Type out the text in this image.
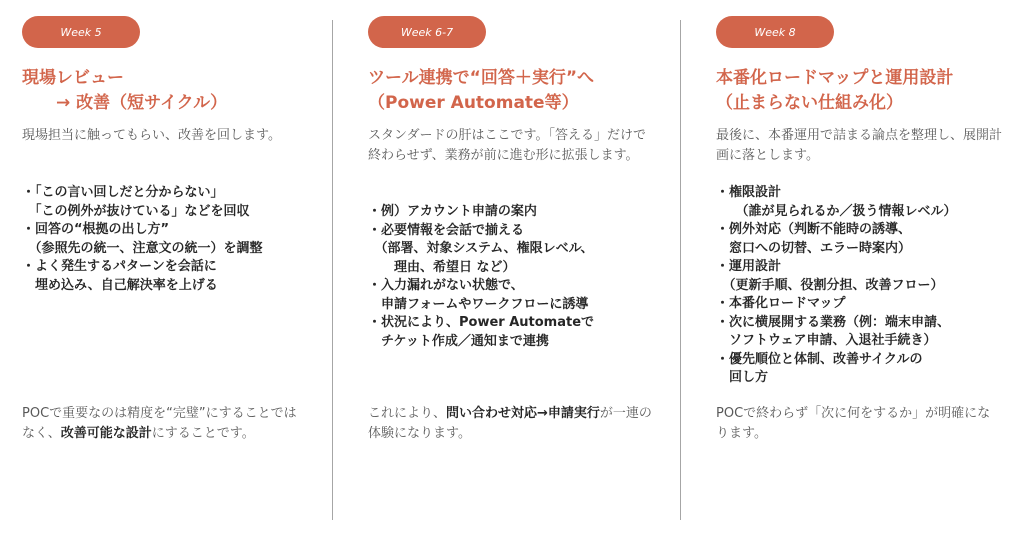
Week 5
現場レビュー
　　→ 改善（短サイクル）

現場担当に触ってもらい、改善を回します。

・「この言い回しだと分からない」
　「この例外が抜けている」などを回収
・回答の“根拠の出し方”
　（参照先の統一、注意文の統一）を調整
・よく発生するパターンを会話に
　埋め込み、自己解決率を上げる

POCで重要なのは精度を“完璧”にすることではなく、改善可能な設計にすることです。

Week 6-7
ツール連携で“回答＋実行”へ
（Power Automate等）

スタンダードの肝はここです。「答える」だけで終わらせず、業務が前に進む形に拡張します。

・例）アカウント申請の案内
・必要情報を会話で揃える
　（部署、対象システム、権限レベル、
　　理由、希望日 など）
・入力漏れがない状態で、
　申請フォームやワークフローに誘導
・状況により、Power Automateで
　チケット作成／通知まで連携

これにより、問い合わせ対応→申請実行が一連の体験になります。

Week 8
本番化ロードマップと運用設計
（止まらない仕組み化）

最後に、本番運用で詰まる論点を整理し、展開計画に落とします。

・権限設計
　　（誰が見られるか／扱う情報レベル）
・例外対応（判断不能時の誘導、
　窓口への切替、エラー時案内）
・運用設計
　（更新手順、役割分担、改善フロー）
・本番化ロードマップ
・次に横展開する業務（例：端末申請、
　ソフトウェア申請、入退社手続き）
・優先順位と体制、改善サイクルの
　回し方

POCで終わらず「次に何をするか」が明確になります。
